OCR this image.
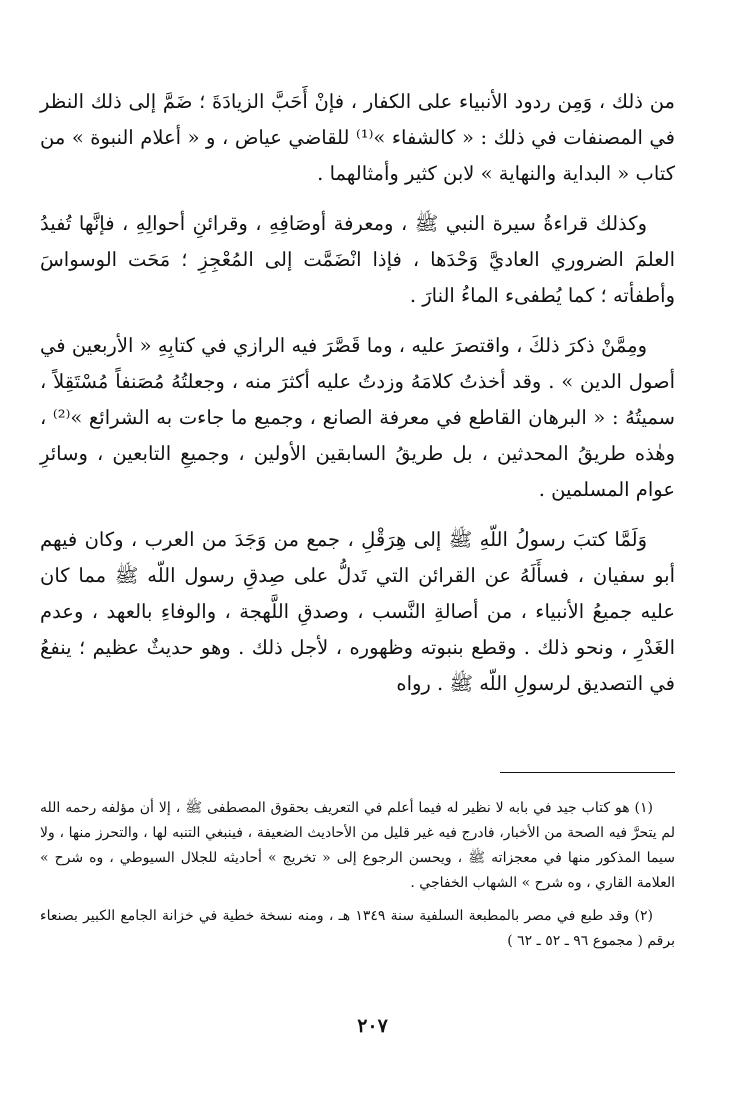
من ذلك ، وَمِن ردود الأنبياء على الكفار ، فإنْ أَحَبَّ الزيادَةَ ؛ ضَمَّ إلى ذلك النظر في المصنفات في ذلك : « كالشفاء »⁽¹⁾ للقاضي عياض ، و « أعلام النبوة » من كتاب « البداية والنهاية » لابن كثير وأمثالهما .

وكذلك قراءةُ سيرة النبي ﷺ ، ومعرفة أوصَافِهِ ، وقرائنِ أحوالِهِ ، فإنَّها تُفيدُ العلمَ الضروري العاديَّ وَحْدَها ، فإذا انْضَمَّت إلى المُعْجِزِ ؛ مَحَت الوسواسَ وأطفأته ؛ كما يُطفىء الماءُ النارَ .

ومِمَّنْ ذكرَ ذلكَ ، واقتصرَ عليه ، وما قَصَّرَ فيه الرازي في كتابِهِ « الأربعين في أصول الدين » . وقد أخذتُ كلامَهُ وزدتُ عليه أكثرَ منه ، وجعلتُهُ مُصَنفاً مُسْتَقِلاً ، سميتُهُ : « البرهان القاطع في معرفة الصانع ، وجميع ما جاءت به الشرائع »⁽²⁾ ، وهٰذه طريقُ المحدثين ، بل طريقُ السابقين الأولين ، وجميعِ التابعين ، وسائرِ عوام المسلمين .

وَلَمَّا كتبَ رسولُ اللّهِ ﷺ إلى هِرَقْلِ ، جمع من وَجَدَ من العرب ، وكان فيهم أبو سفيان ، فسأَلَهُ عن القرائن التي تَدلُّ على صِدقِ رسول اللّه ﷺ مما كان عليه جميعُ الأنبياء ، من أصالةِ النَّسب ، وصدقِ اللَّهجة ، والوفاءِ بالعهد ، وعدم الغَدْرِ ، ونحو ذلك . وقطع بنبوته وظهوره ، لأجل ذلك . وهو حديثٌ عظيم ؛ ينفعُ في التصديق لرسولِ اللّه ﷺ . رواه

(١) هو كتاب جيد في بابه لا نظير له فيما أعلم في التعريف بحقوق المصطفى ﷺ ، إلا أن مؤلفه رحمه الله لم يتحرَّ فيه الصحة من الأخبار، فادرج فيه غير قليل من الأحاديث الضعيفة ، فينبغي التنبه لها ، والتحرز منها ، ولا سيما المذكور منها في معجزاته ﷺ ، ويحسن الرجوع إلى « تخريج » أحاديثه للجلال السيوطي ، وه شرح » العلامة القاري ، وه شرح » الشهاب الخفاجي .

(٢) وقد طبع في مصر بالمطبعة السلفية سنة ١٣٤٩ هـ ، ومنه نسخة خطية في خزانة الجامع الكبير بصنعاء برقم ( مجموع ٩٦ ـ ٥٢ ـ ٦٢ )

٢٠٧
